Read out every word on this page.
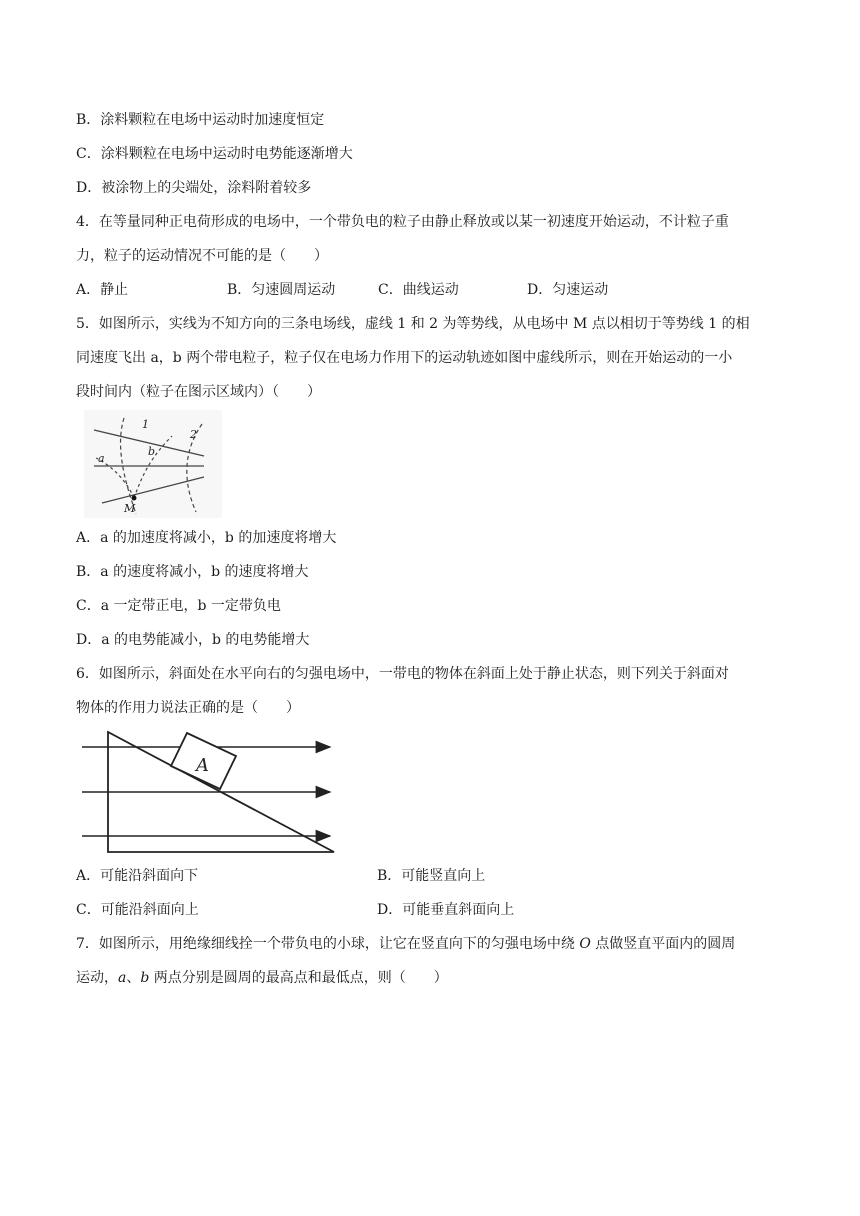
B．涂料颗粒在电场中运动时加速度恒定
C．涂料颗粒在电场中运动时电势能逐渐增大
D．被涂物上的尖端处，涂料附着较多
4．在等量同种正电荷形成的电场中，一个带负电的粒子由静止释放或以某一初速度开始运动，不计粒子重
力，粒子的运动情况不可能的是（　　）
A．静止	B．匀速圆周运动	C．曲线运动	D．匀速运动
5．如图所示，实线为不知方向的三条电场线，虚线 1 和 2 为等势线，从电场中 M 点以相切于等势线 1 的相
同速度飞出 a，b 两个带电粒子，粒子仅在电场力作用下的运动轨迹如图中虚线所示，则在开始运动的一小
段时间内（粒子在图示区域内）（　　）
1
2
a
b
M
A．a 的加速度将减小，b 的加速度将增大
B．a 的速度将减小，b 的速度将增大
C．a 一定带正电，b 一定带负电
D．a 的电势能减小，b 的电势能增大
6．如图所示，斜面处在水平向右的匀强电场中，一带电的物体在斜面上处于静止状态，则下列关于斜面对
物体的作用力说法正确的是（　　）
A
A．可能沿斜面向下	B．可能竖直向上
C．可能沿斜面向上	D．可能垂直斜面向上
7．如图所示，用绝缘细线拴一个带负电的小球，让它在竖直向下的匀强电场中绕 O 点做竖直平面内的圆周
运动，a、b 两点分别是圆周的最高点和最低点，则（　　）
